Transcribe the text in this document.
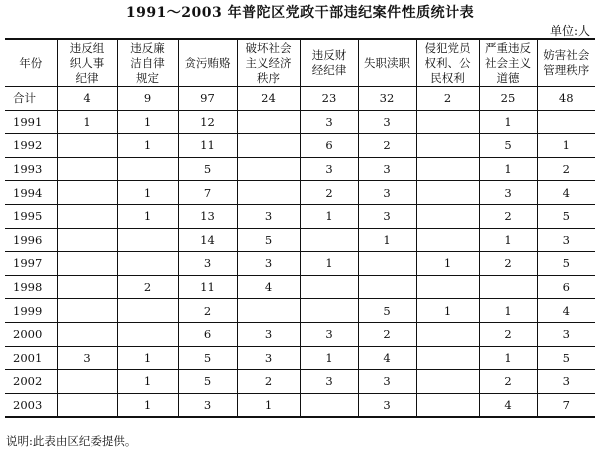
1991～2003 年普陀区党政干部违纪案件性质统计表
单位:人
年份	违反组织人事纪律	违反廉洁自律规定	贪污贿赂	破坏社会主义经济秩序	违反财经纪律	失职渎职	侵犯党员权利、公民权利	严重违反社会主义道德	妨害社会管理秩序
合计	4	9	97	24	23	32	2	25	48
1991	1	1	12		3	3		1	
1992		1	11		6	2		5	1
1993			5		3	3		1	2
1994		1	7		2	3		3	4
1995		1	13	3	1	3		2	5
1996			14	5		1		1	3
1997			3	3	1		1	2	5
1998		2	11	4					6
1999			2			5	1	1	4
2000			6	3	3	2		2	3
2001	3	1	5	3	1	4		1	5
2002		1	5	2	3	3		2	3
2003		1	3	1		3		4	7
说明:此表由区纪委提供。
